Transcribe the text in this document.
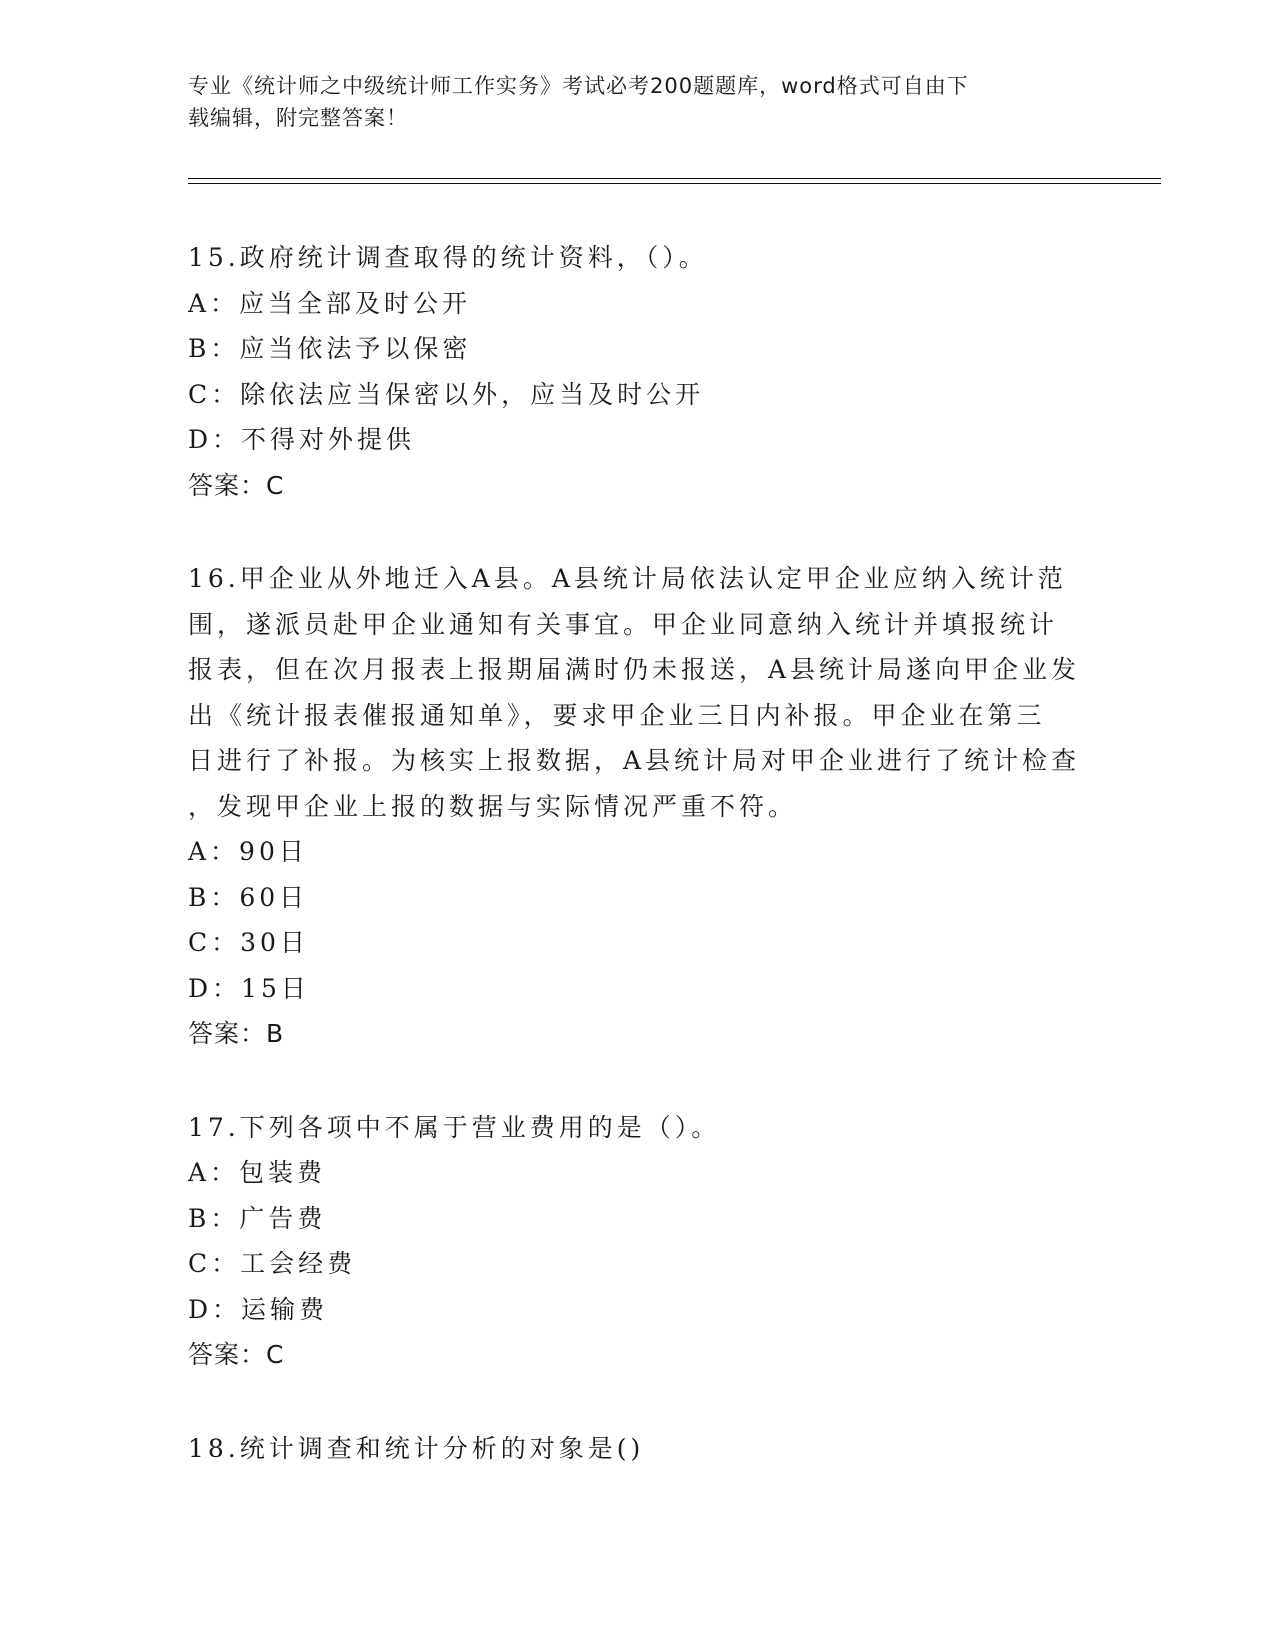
专业《统计师之中级统计师工作实务》考试必考200题题库，word格式可自由下
载编辑，附完整答案！
15.政府统计调查取得的统计资料，（）。
A：应当全部及时公开
B：应当依法予以保密
C：除依法应当保密以外，应当及时公开
D：不得对外提供
答案：C
16.甲企业从外地迁入A县。A县统计局依法认定甲企业应纳入统计范
围，遂派员赴甲企业通知有关事宜。甲企业同意纳入统计并填报统计
报表，但在次月报表上报期届满时仍未报送，A县统计局遂向甲企业发
出《统计报表催报通知单》，要求甲企业三日内补报。甲企业在第三
日进行了补报。为核实上报数据，A县统计局对甲企业进行了统计检查
，发现甲企业上报的数据与实际情况严重不符。
A：90日
B：60日
C：30日
D：15日
答案：B
17.下列各项中不属于营业费用的是（）。
A：包装费
B：广告费
C：工会经费
D：运输费
答案：C
18.统计调查和统计分析的对象是()
